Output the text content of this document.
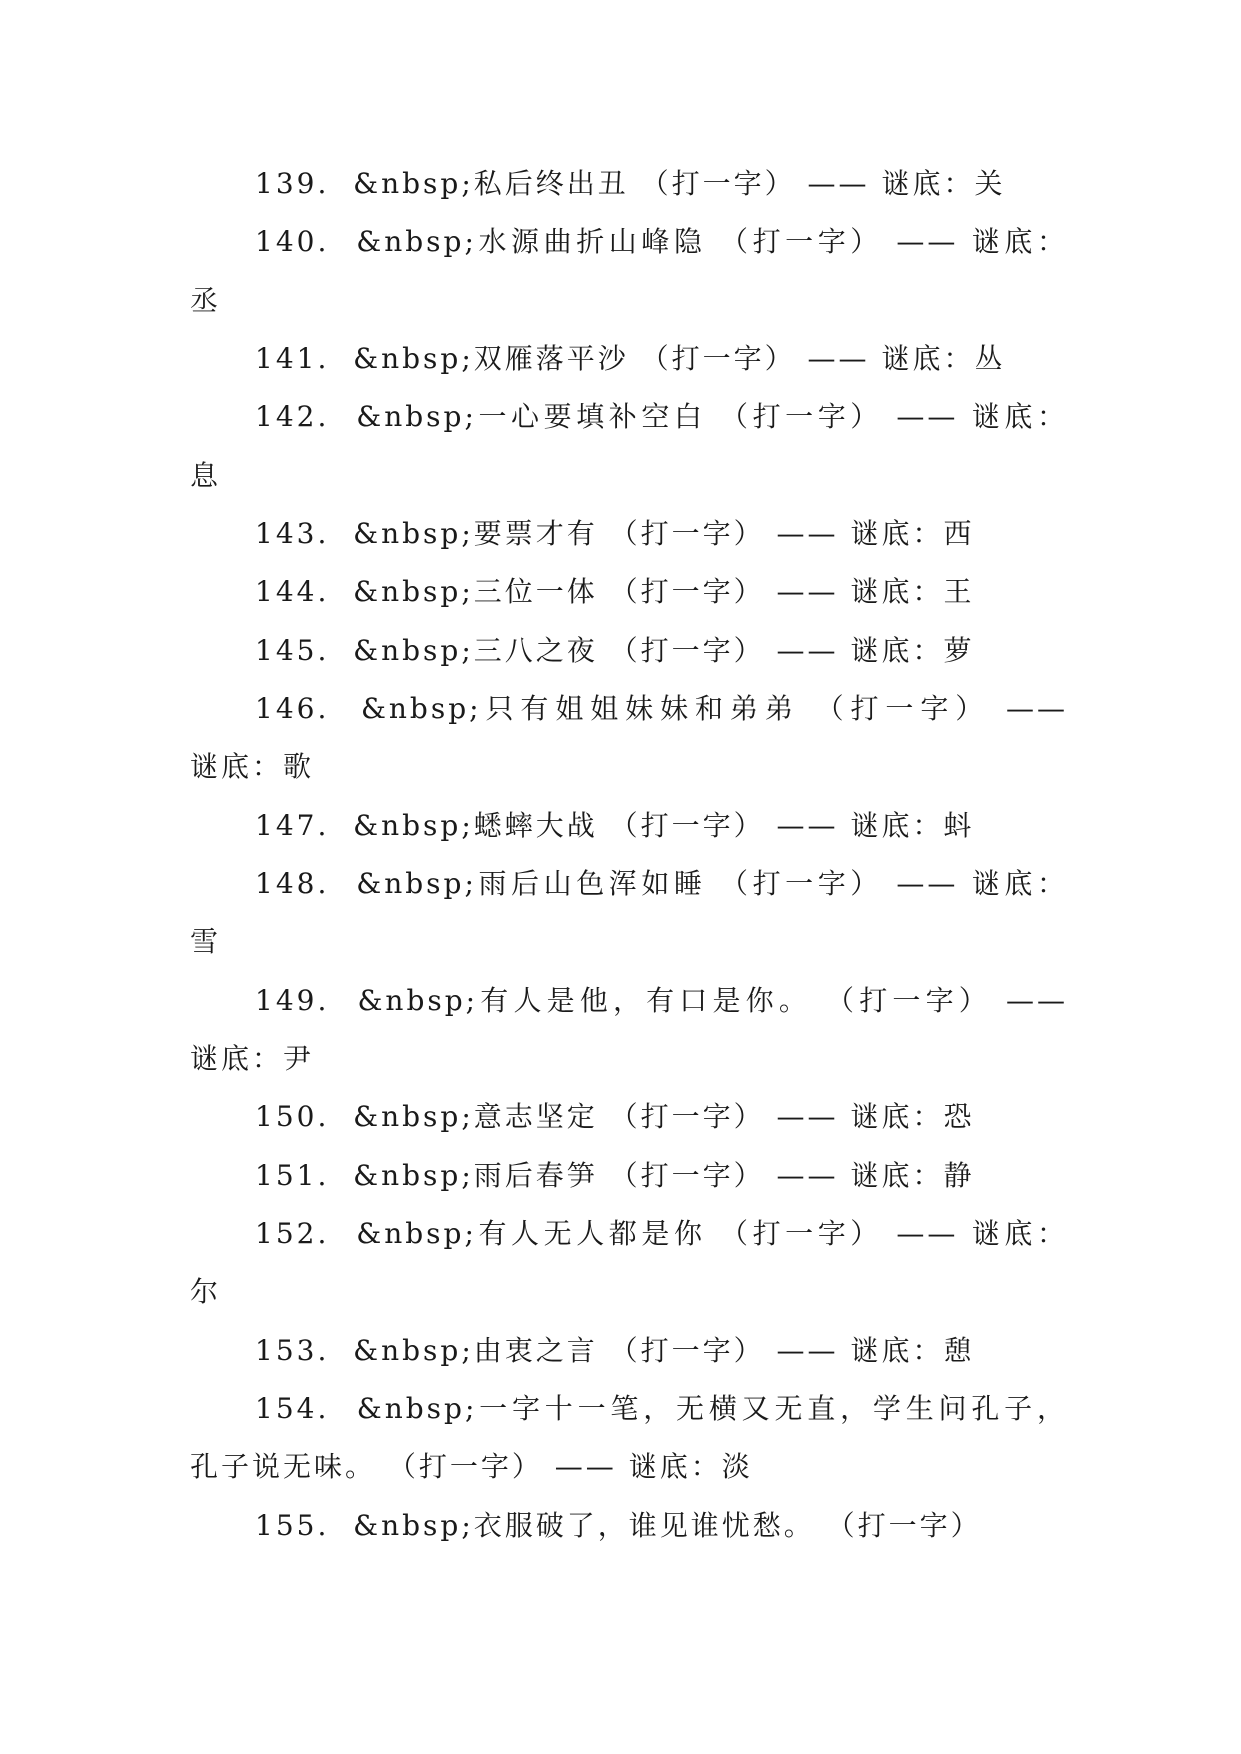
139.  &nbsp;私后终出丑 （打一字） —— 谜底：关
140.  &nbsp;水源曲折山峰隐 （打一字） —— 谜底：
丞
141.  &nbsp;双雁落平沙 （打一字） —— 谜底：丛
142.  &nbsp;一心要填补空白 （打一字） —— 谜底：
息
143.  &nbsp;要票才有 （打一字） —— 谜底：西
144.  &nbsp;三位一体 （打一字） —— 谜底：王
145.  &nbsp;三八之夜 （打一字） —— 谜底：萝
146.  &nbsp;只有姐姐妹妹和弟弟 （打一字） ——
谜底：歌
147.  &nbsp;蟋蟀大战 （打一字） —— 谜底：蚪
148.  &nbsp;雨后山色浑如睡 （打一字） —— 谜底：
雪
149.  &nbsp;有人是他，有口是你。 （打一字） ——
谜底：尹
150.  &nbsp;意志坚定 （打一字） —— 谜底：恐
151.  &nbsp;雨后春笋 （打一字） —— 谜底：静
152.  &nbsp;有人无人都是你 （打一字） —— 谜底：
尔
153.  &nbsp;由衷之言 （打一字） —— 谜底：憩
154.  &nbsp;一字十一笔，无横又无直，学生问孔子，
孔子说无味。 （打一字） —— 谜底：淡
155.  &nbsp;衣服破了，谁见谁忧愁。 （打一字）
